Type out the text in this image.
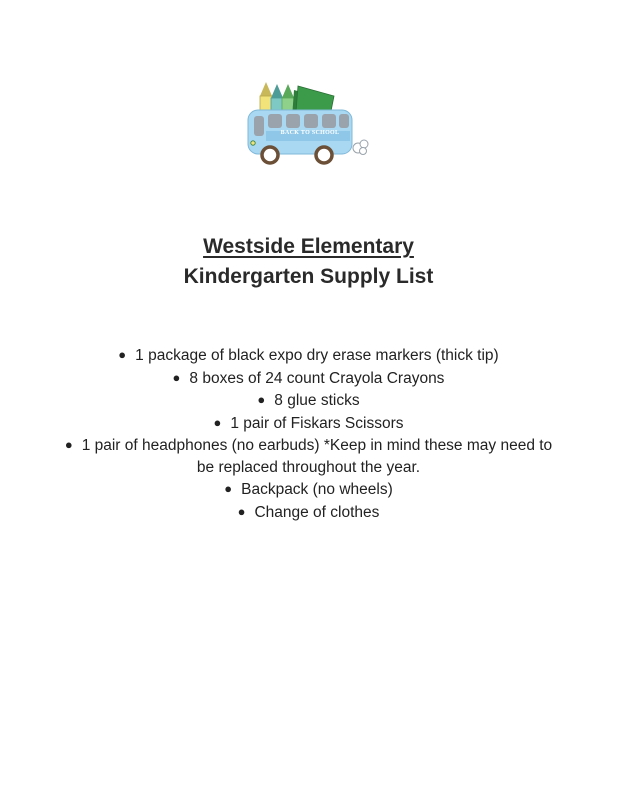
BACK TO SCHOOL
Westside Elementary
Kindergarten Supply List
● 1 package of black expo dry erase markers (thick tip)
● 8 boxes of 24 count Crayola Crayons
● 8 glue sticks
● 1 pair of Fiskars Scissors
● 1 pair of headphones (no earbuds) *Keep in mind these may need to be replaced throughout the year.
● Backpack (no wheels)
● Change of clothes
